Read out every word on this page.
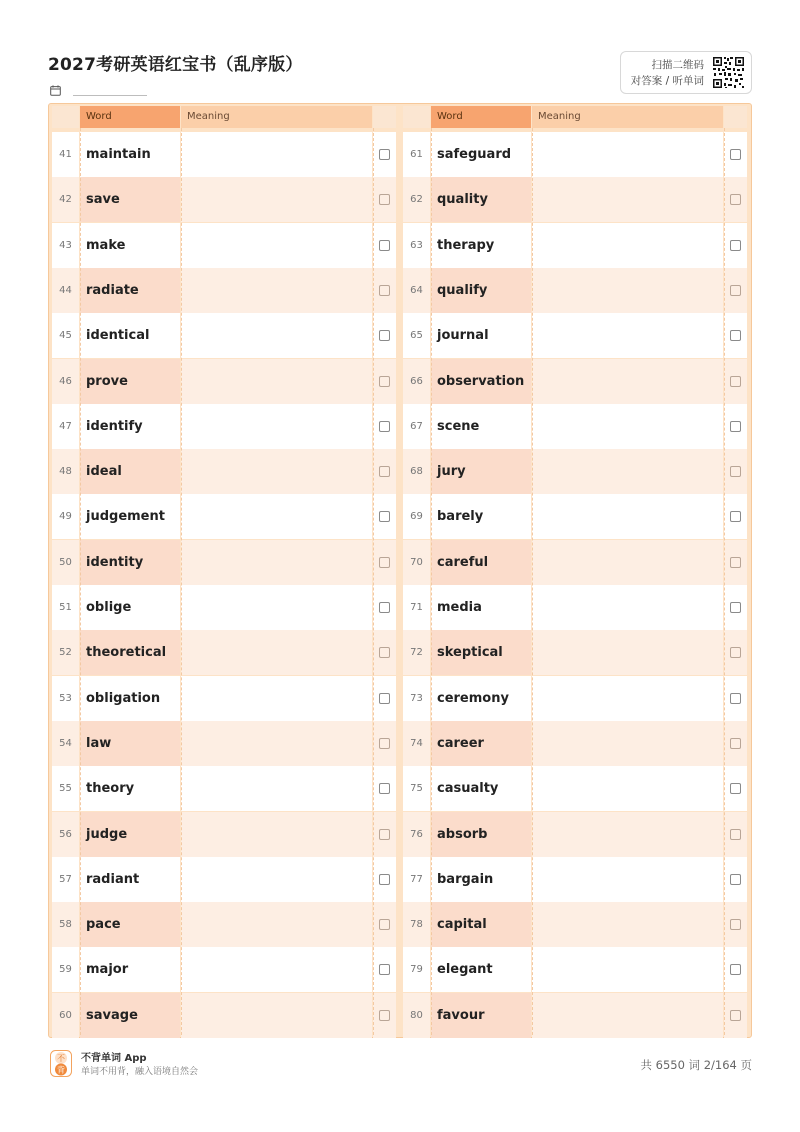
2027考研英语红宝书（乱序版）	扫描二维码
对答案 / 听单词
Word	Meaning
41	maintain
42	save
43	make
44	radiate
45	identical
46	prove
47	identify
48	ideal
49	judgement
50	identity
51	oblige
52	theoretical
53	obligation
54	law
55	theory
56	judge
57	radiant
58	pace
59	major
60	savage
Word	Meaning
61	safeguard
62	quality
63	therapy
64	qualify
65	journal
66	observation
67	scene
68	jury
69	barely
70	careful
71	media
72	skeptical
73	ceremony
74	career
75	casualty
76	absorb
77	bargain
78	capital
79	elegant
80	favour
不
背
不背单词 App
单词不用背，融入语境自然会	共 6550 词 2/164 页
